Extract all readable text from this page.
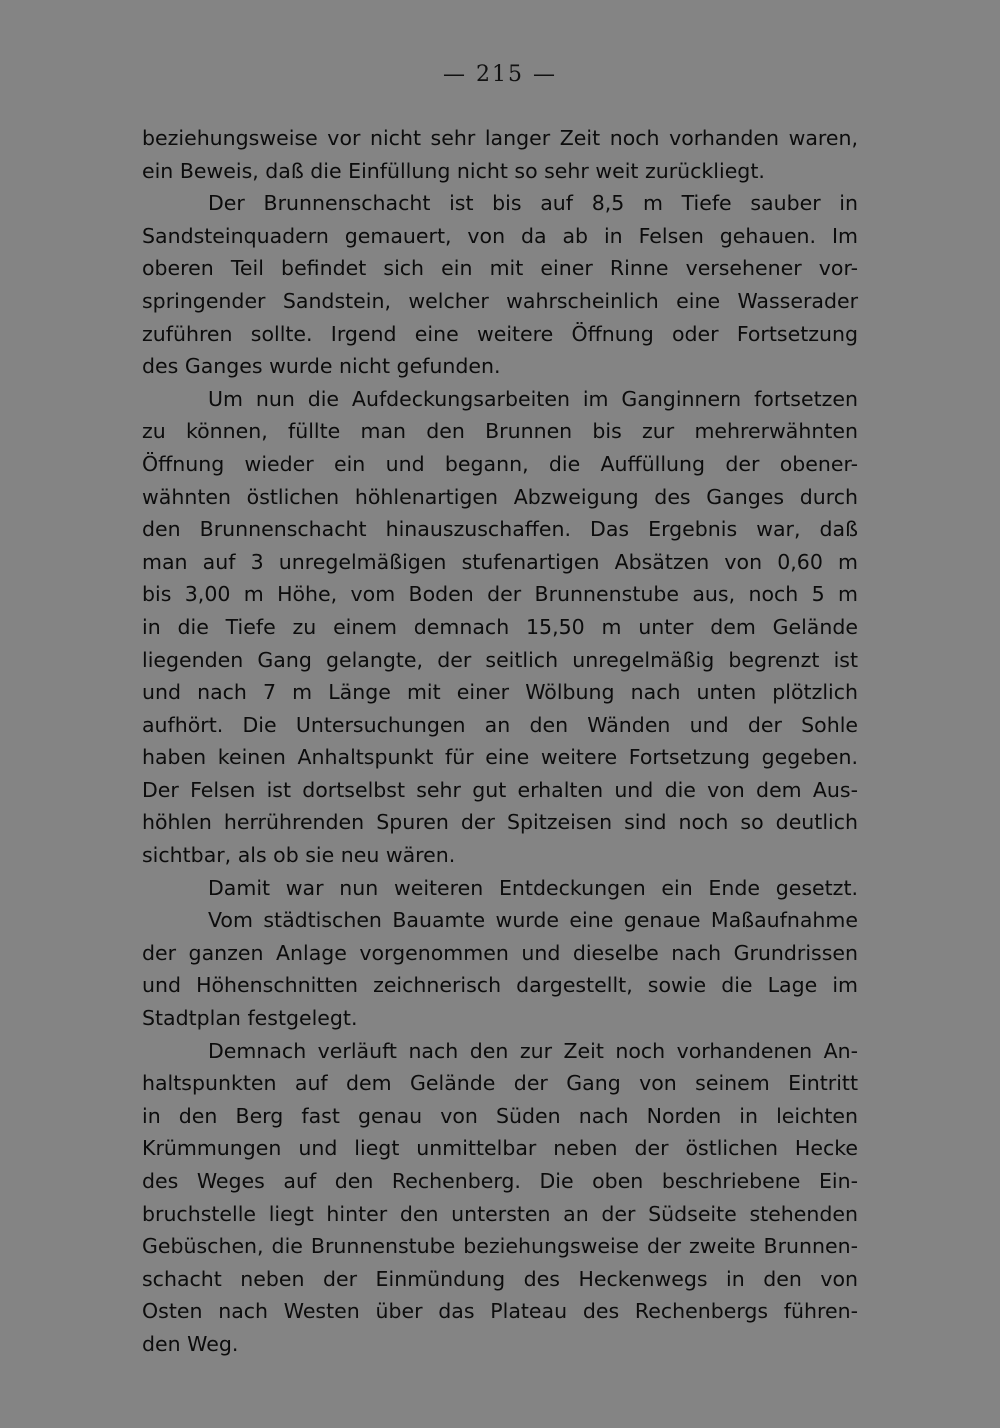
— 215 —
beziehungsweise vor nicht sehr langer Zeit noch vorhanden waren,
ein Beweis, daß die Einfüllung nicht so sehr weit zurückliegt.
Der Brunnenschacht ist bis auf 8,5 m Tiefe sauber in
Sandsteinquadern gemauert, von da ab in Felsen gehauen. Im
oberen Teil befindet sich ein mit einer Rinne versehener vor-
springender Sandstein, welcher wahrscheinlich eine Wasserader
zuführen sollte. Irgend eine weitere Öffnung oder Fortsetzung
des Ganges wurde nicht gefunden.
Um nun die Aufdeckungsarbeiten im Ganginnern fortsetzen
zu können, füllte man den Brunnen bis zur mehrerwähnten
Öffnung wieder ein und begann, die Auffüllung der obener-
wähnten östlichen höhlenartigen Abzweigung des Ganges durch
den Brunnenschacht hinauszuschaffen. Das Ergebnis war, daß
man auf 3 unregelmäßigen stufenartigen Absätzen von 0,60 m
bis 3,00 m Höhe, vom Boden der Brunnenstube aus, noch 5 m
in die Tiefe zu einem demnach 15,50 m unter dem Gelände
liegenden Gang gelangte, der seitlich unregelmäßig begrenzt ist
und nach 7 m Länge mit einer Wölbung nach unten plötzlich
aufhört. Die Untersuchungen an den Wänden und der Sohle
haben keinen Anhaltspunkt für eine weitere Fortsetzung gegeben.
Der Felsen ist dortselbst sehr gut erhalten und die von dem Aus-
höhlen herrührenden Spuren der Spitzeisen sind noch so deutlich
sichtbar, als ob sie neu wären.
Damit war nun weiteren Entdeckungen ein Ende gesetzt.
Vom städtischen Bauamte wurde eine genaue Maßaufnahme
der ganzen Anlage vorgenommen und dieselbe nach Grundrissen
und Höhenschnitten zeichnerisch dargestellt, sowie die Lage im
Stadtplan festgelegt.
Demnach verläuft nach den zur Zeit noch vorhandenen An-
haltspunkten auf dem Gelände der Gang von seinem Eintritt
in den Berg fast genau von Süden nach Norden in leichten
Krümmungen und liegt unmittelbar neben der östlichen Hecke
des Weges auf den Rechenberg. Die oben beschriebene Ein-
bruchstelle liegt hinter den untersten an der Südseite stehenden
Gebüschen, die Brunnenstube beziehungsweise der zweite Brunnen-
schacht neben der Einmündung des Heckenwegs in den von
Osten nach Westen über das Plateau des Rechenbergs führen-
den Weg.
